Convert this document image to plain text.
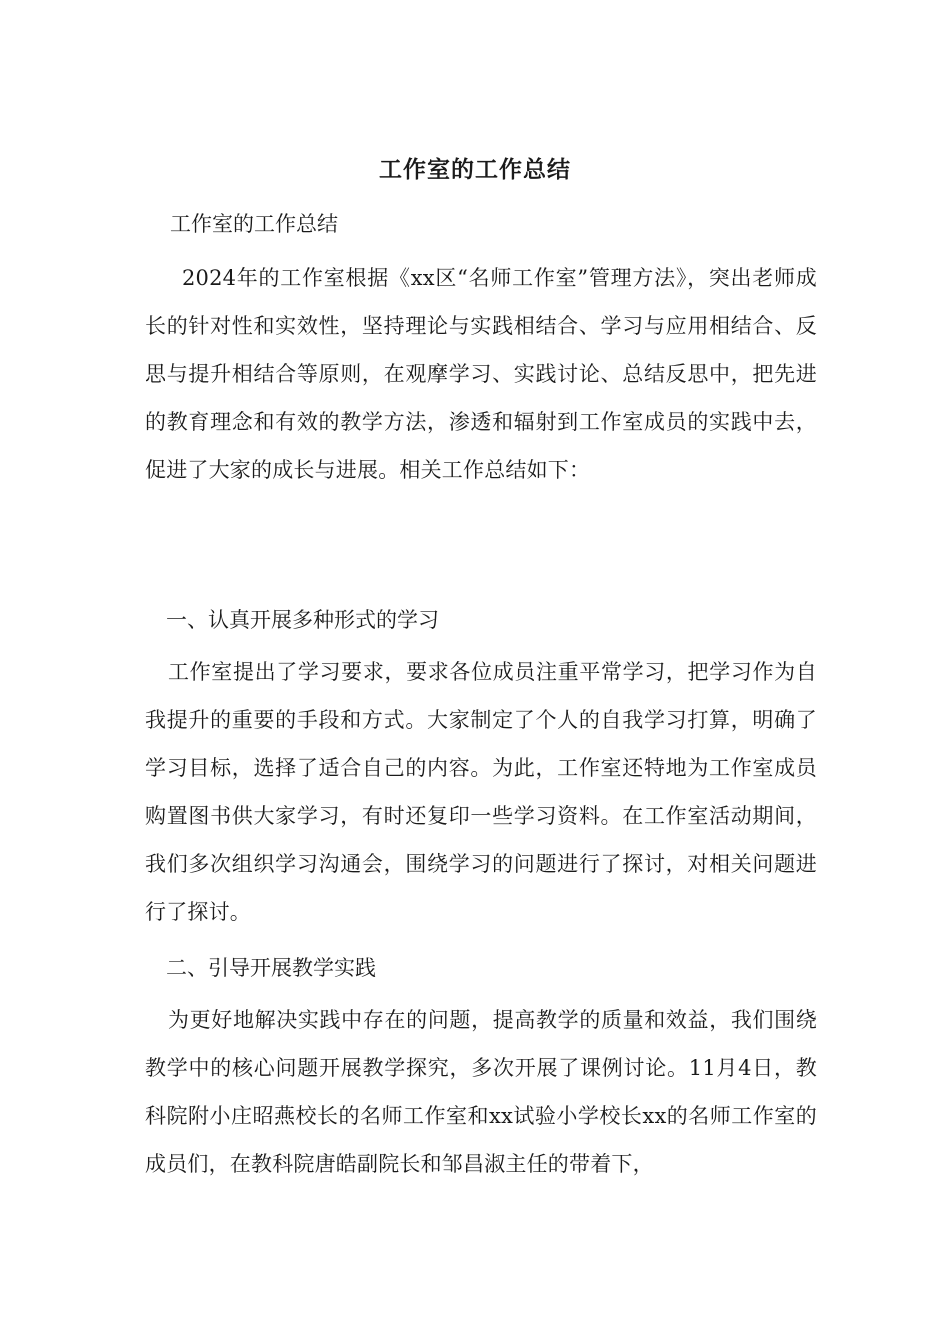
工作室的工作总结
工作室的工作总结
2024年的工作室根据《xx区“名师工作室”管理方法》，突出老师成长的针对性和实效性，坚持理论与实践相结合、学习与应用相结合、反思与提升相结合等原则，在观摩学习、实践讨论、总结反思中，把先进的教育理念和有效的教学方法，渗透和辐射到工作室成员的实践中去，促进了大家的成长与进展。相关工作总结如下：
一、认真开展多种形式的学习
工作室提出了学习要求，要求各位成员注重平常学习，把学习作为自我提升的重要的手段和方式。大家制定了个人的自我学习打算，明确了学习目标，选择了适合自己的内容。为此，工作室还特地为工作室成员购置图书供大家学习，有时还复印一些学习资料。在工作室活动期间，我们多次组织学习沟通会，围绕学习的问题进行了探讨，对相关问题进行了探讨。
二、引导开展教学实践
为更好地解决实践中存在的问题，提高教学的质量和效益，我们围绕教学中的核心问题开展教学探究，多次开展了课例讨论。11月4日，教科院附小庄昭燕校长的名师工作室和xx试验小学校长xx的名师工作室的成员们，在教科院唐皓副院长和邹昌淑主任的带着下，
